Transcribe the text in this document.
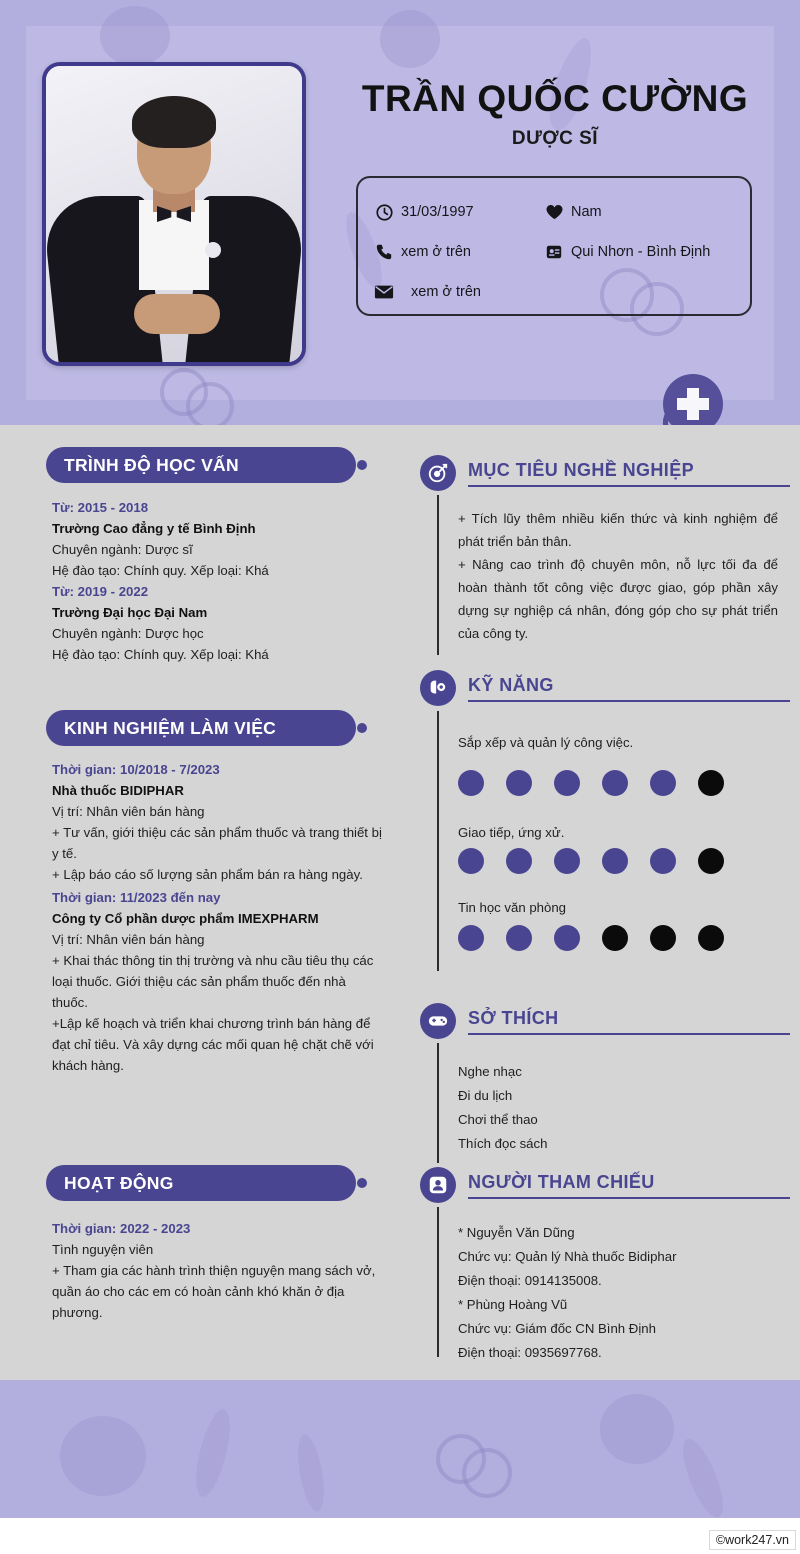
TRẦN QUỐC CƯỜNG
DƯỢC SĨ
31/03/1997	Nam
xem ở trên	Qui Nhơn - Bình Định
xem ở trên
TRÌNH ĐỘ HỌC VẤN
Từ: 2015 - 2018
Trường Cao đẳng y tế Bình Định
Chuyên ngành: Dược sĩ
Hệ đào tạo: Chính quy. Xếp loại: Khá
Từ: 2019 - 2022
Trường Đại học Đại Nam
Chuyên ngành: Dược học
Hệ đào tạo: Chính quy. Xếp loại: Khá
KINH NGHIỆM LÀM VIỆC
Thời gian: 10/2018 - 7/2023
Nhà thuốc BIDIPHAR
Vị trí: Nhân viên bán hàng
+ Tư vấn, giới thiệu các sản phẩm thuốc và trang thiết bị y tế.
+ Lập báo cáo số lượng sản phẩm bán ra hàng ngày.
Thời gian: 11/2023 đến nay
Công ty Cổ phần dược phẩm IMEXPHARM
Vị trí: Nhân viên bán hàng
+ Khai thác thông tin thị trường và nhu cầu tiêu thụ các loại thuốc. Giới thiệu các sản phẩm thuốc đến nhà thuốc.
+Lập kế hoạch và triển khai chương trình bán hàng để đạt chỉ tiêu. Và xây dựng các mối quan hệ chặt chẽ với khách hàng.
HOẠT ĐỘNG
Thời gian: 2022 - 2023
Tình nguyện viên
+ Tham gia các hành trình thiện nguyện mang sách vở, quần áo cho các em có hoàn cảnh khó khăn ở địa phương.
MỤC TIÊU NGHỀ NGHIỆP
+ Tích lũy thêm nhiều kiến thức và kinh nghiệm để phát triển bản thân.
+ Nâng cao trình độ chuyên môn, nỗ lực tối đa để hoàn thành tốt công việc được giao, góp phần xây dựng sự nghiệp cá nhân, đóng góp cho sự phát triển của công ty.
KỸ NĂNG
Sắp xếp và quản lý công việc.
Giao tiếp, ứng xử.
Tin học văn phòng
SỞ THÍCH
Nghe nhạc
Đi du lịch
Chơi thể thao
Thích đọc sách
NGƯỜI THAM CHIẾU
* Nguyễn Văn Dũng
Chức vụ: Quản lý Nhà thuốc Bidiphar
Điện thoại: 0914135008.
* Phùng Hoàng Vũ
Chức vụ: Giám đốc CN Bình Định
Điện thoại: 0935697768.
©work247.vn
